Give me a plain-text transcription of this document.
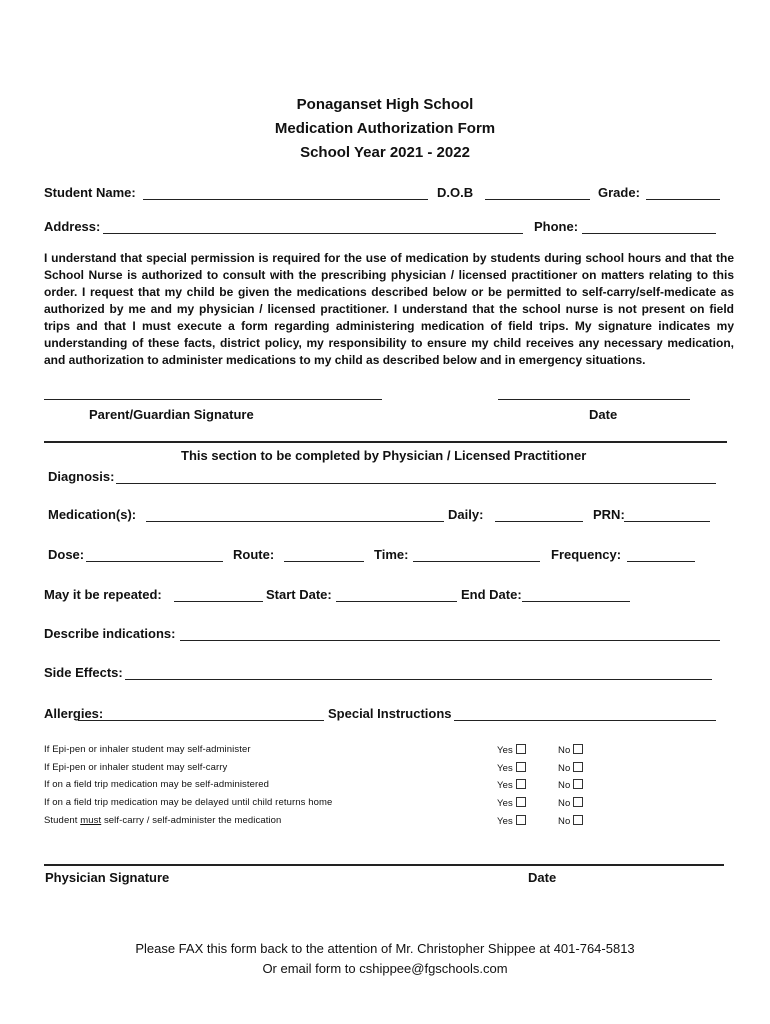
Ponaganset High School
Medication Authorization Form
School Year 2021 - 2022
Student Name:	D.O.B	Grade:
Address:	Phone:
I understand that special permission is required for the use of medication by students during school hours and that the School Nurse is authorized to consult with the prescribing physician / licensed practitioner on matters relating to this order. I request that my child be given the medications described below or be permitted to self-carry/self-medicate as authorized by me and my physician / licensed practitioner. I understand that the school nurse is not present on field trips and that I must execute a form regarding administering medication of field trips. My signature indicates my understanding of these facts, district policy, my responsibility to ensure my child receives any necessary medication, and authorization to administer medications to my child as described below and in emergency situations.
Parent/Guardian Signature	Date
This section to be completed by Physician / Licensed Practitioner
Diagnosis:
Medication(s):	Daily:	PRN:
Dose:	Route:	Time:	Frequency:
May it be repeated:	Start Date:	End Date:
Describe indications:
Side Effects:
Allergies:	Special Instructions
If Epi-pen or inhaler student may self-administer	Yes	No
If Epi-pen or inhaler student may self-carry	Yes	No
If on a field trip medication may be self-administered	Yes	No
If on a field trip medication may be delayed until child returns home	Yes	No
Student must self-carry / self-administer the medication	Yes	No
Physician Signature	Date
Please FAX this form back to the attention of Mr. Christopher Shippee at 401-764-5813
Or email form to cshippee@fgschools.com
